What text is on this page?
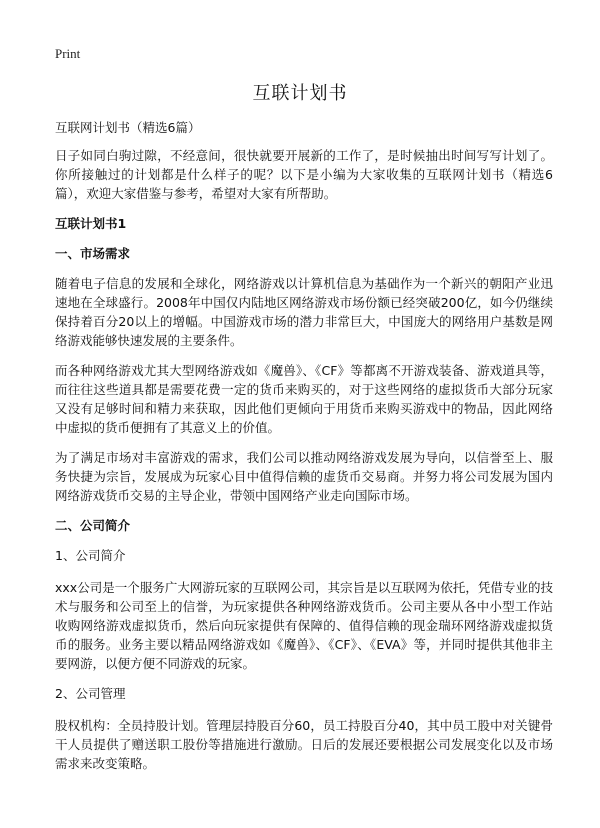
Print
互联计划书

互联网计划书（精选6篇）

日子如同白驹过隙，不经意间，很快就要开展新的工作了，是时候抽出时间写写计划了。你所接触过的计划都是什么样子的呢？以下是小编为大家收集的互联网计划书（精选6篇），欢迎大家借鉴与参考，希望对大家有所帮助。

互联计划书1

一、市场需求

随着电子信息的发展和全球化，网络游戏以计算机信息为基础作为一个新兴的朝阳产业迅速地在全球盛行。2008年中国仅内陆地区网络游戏市场份额已经突破200亿，如今仍继续保持着百分20以上的增幅。中国游戏市场的潜力非常巨大，中国庞大的网络用户基数是网络游戏能够快速发展的主要条件。

而各种网络游戏尤其大型网络游戏如《魔兽》、《CF》等都离不开游戏装备、游戏道具等，而往往这些道具都是需要花费一定的货币来购买的，对于这些网络的虚拟货币大部分玩家又没有足够时间和精力来获取，因此他们更倾向于用货币来购买游戏中的物品，因此网络中虚拟的货币便拥有了其意义上的价值。

为了满足市场对丰富游戏的需求，我们公司以推动网络游戏发展为导向，以信誉至上、服务快捷为宗旨，发展成为玩家心目中值得信赖的虚货币交易商。并努力将公司发展为国内网络游戏货币交易的主导企业，带领中国网络产业走向国际市场。

二、公司简介

1、公司简介

xxx公司是一个服务广大网游玩家的互联网公司，其宗旨是以互联网为依托，凭借专业的技术与服务和公司至上的信誉，为玩家提供各种网络游戏货币。公司主要从各中小型工作站收购网络游戏虚拟货币，然后向玩家提供有保障的、值得信赖的现金瑞环网络游戏虚拟货币的服务。业务主要以精品网络游戏如《魔兽》、《CF》、《EVA》等，并同时提供其他非主要网游，以便方便不同游戏的玩家。

2、公司管理

股权机构：全员持股计划。管理层持股百分60，员工持股百分40，其中员工股中对关键骨干人员提供了赠送职工股份等措施进行激励。日后的发展还要根据公司发展变化以及市场需求来改变策略。
